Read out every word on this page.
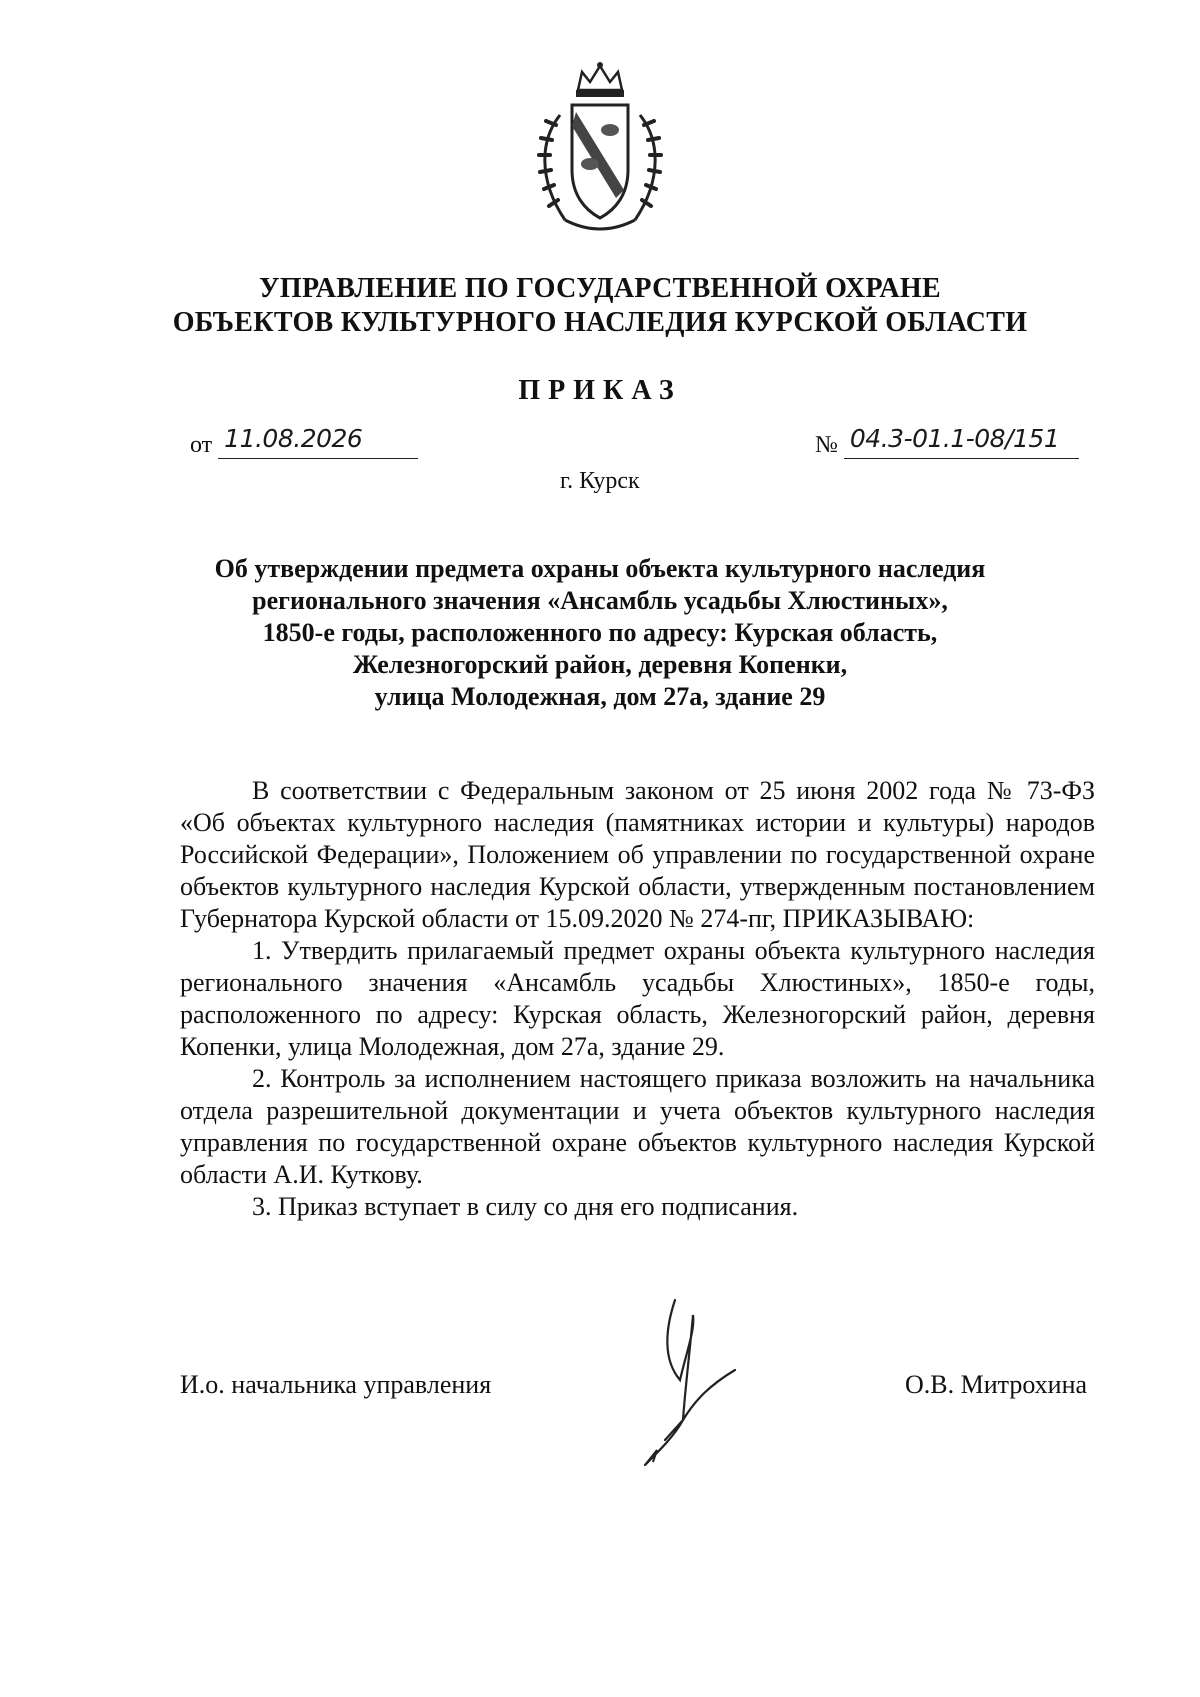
УПРАВЛЕНИЕ ПО ГОСУДАРСТВЕННОЙ ОХРАНЕ
ОБЪЕКТОВ КУЛЬТУРНОГО НАСЛЕДИЯ КУРСКОЙ ОБЛАСТИ
ПРИКАЗ
от 11.08.2026	№ 04.3-01.1-08/151
г. Курск
Об утверждении предмета охраны объекта культурного наследия
регионального значения «Ансамбль усадьбы Хлюстиных»,
1850-е годы, расположенного по адресу: Курская область,
Железногорский район, деревня Копенки,
улица Молодежная, дом 27а, здание 29

В соответствии с Федеральным законом от 25 июня 2002 года № 73-ФЗ «Об объектах культурного наследия (памятниках истории и культуры) народов Российской Федерации», Положением об управлении по государственной охране объектов культурного наследия Курской области, утвержденным постановлением Губернатора Курской области от 15.09.2020 № 274-пг, ПРИКАЗЫВАЮ:

1. Утвердить прилагаемый предмет охраны объекта культурного наследия регионального значения «Ансамбль усадьбы Хлюстиных», 1850-е годы, расположенного по адресу: Курская область, Железногорский район, деревня Копенки, улица Молодежная, дом 27а, здание 29.

2. Контроль за исполнением настоящего приказа возложить на начальника отдела разрешительной документации и учета объектов культурного наследия управления по государственной охране объектов культурного наследия Курской области А.И. Куткову.

3. Приказ вступает в силу со дня его подписания.

И.о. начальника управления	О.В. Митрохина
